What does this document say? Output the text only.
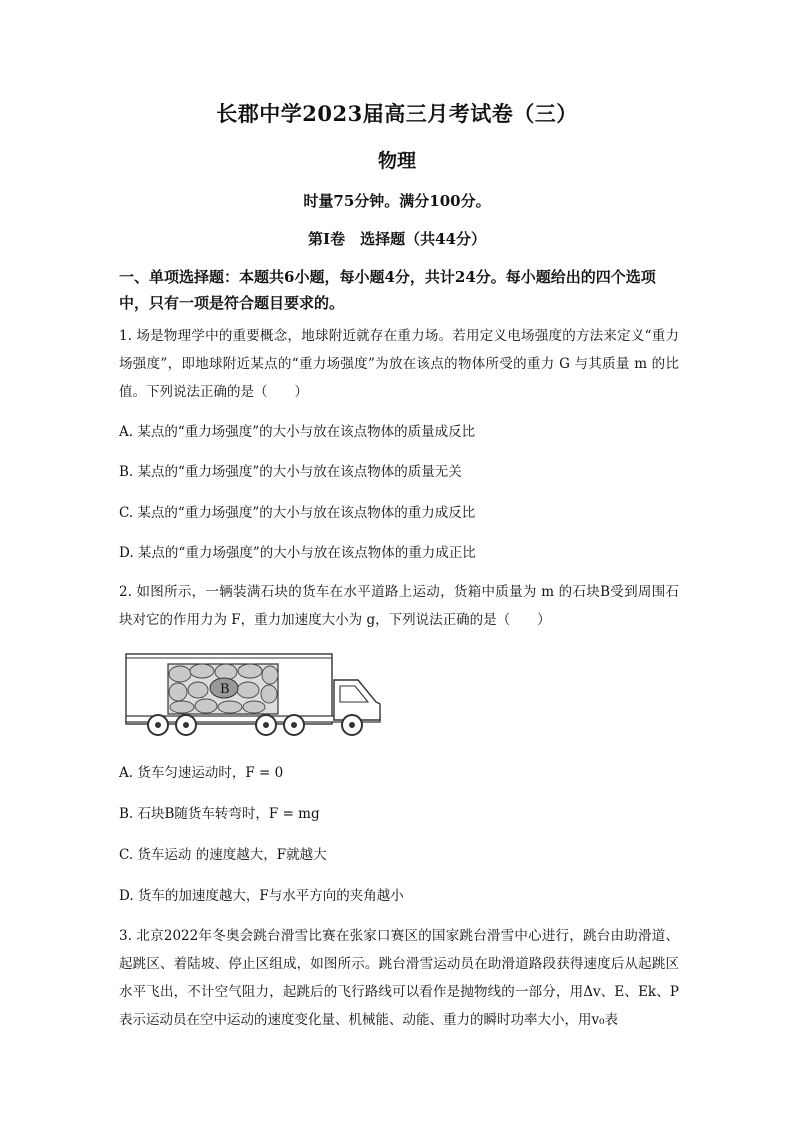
长郡中学2023届高三月考试卷（三）
物理
时量75分钟。满分100分。
第I卷　选择题（共44分）
一、单项选择题：本题共6小题，每小题4分，共计24分。每小题给出的四个选项中，只有一项是符合题目要求的。
1. 场是物理学中的重要概念，地球附近就存在重力场。若用定义电场强度的方法来定义“重力场强度”，即地球附近某点的“重力场强度”为放在该点的物体所受的重力 G 与其质量 m 的比值。下列说法正确的是（　　）
A. 某点的“重力场强度”的大小与放在该点物体的质量成反比
B. 某点的“重力场强度”的大小与放在该点物体的质量无关
C. 某点的“重力场强度”的大小与放在该点物体的重力成反比
D. 某点的“重力场强度”的大小与放在该点物体的重力成正比
2. 如图所示，一辆装满石块的货车在水平道路上运动，货箱中质量为 m 的石块B受到周围石块对它的作用力为 F，重力加速度大小为 g，下列说法正确的是（　　）
B
A. 货车匀速运动时，F = 0
B. 石块B随货车转弯时，F = mg
C. 货车运动 的速度越大，F就越大
D. 货车的加速度越大，F与水平方向的夹角越小
3. 北京2022年冬奥会跳台滑雪比赛在张家口赛区的国家跳台滑雪中心进行，跳台由助滑道、起跳区、着陆坡、停止区组成，如图所示。跳台滑雪运动员在助滑道路段获得速度后从起跳区水平飞出，不计空气阻力，起跳后的飞行路线可以看作是抛物线的一部分，用Δv、E、Ek、P表示运动员在空中运动的速度变化量、机械能、动能、重力的瞬时功率大小，用v₀表
